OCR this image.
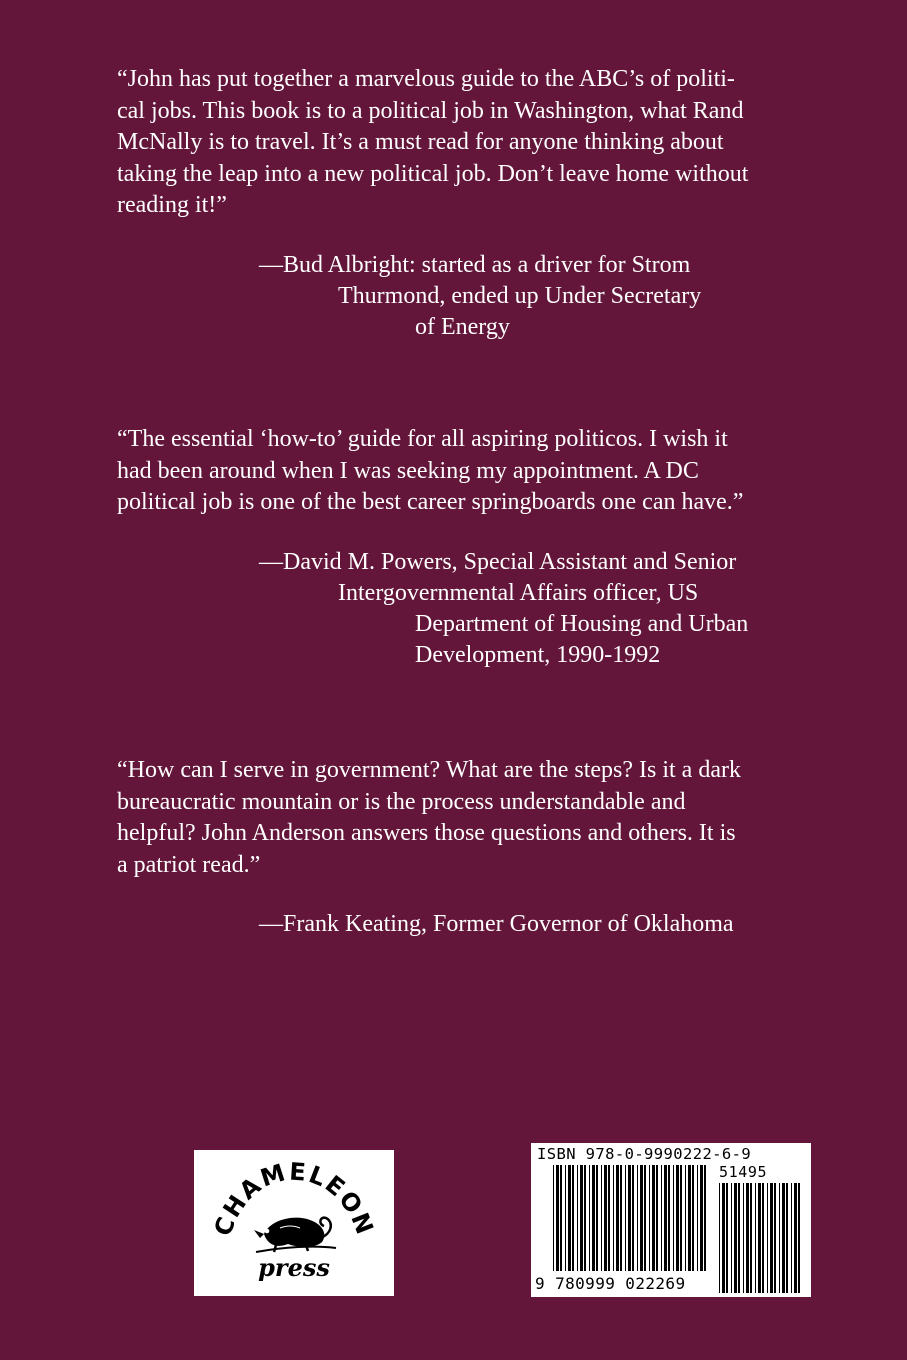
“John has put together a marvelous guide to the ABC’s of politi-
cal jobs. This book is to a political job in Washington, what Rand
McNally is to travel. It’s a must read for anyone thinking about
taking the leap into a new political job. Don’t leave home without
reading it!”
—Bud Albright: started as a driver for Strom
Thurmond, ended up Under Secretary
of Energy
“The essential ‘how-to’ guide for all aspiring politicos. I wish it
had been around when I was seeking my appointment. A DC
political job is one of the best career springboards one can have.”
—David M. Powers, Special Assistant and Senior
Intergovernmental Affairs officer, US
Department of Housing and Urban
Development, 1990-1992
“How can I serve in government? What are the steps? Is it a dark
bureaucratic mountain or is the process understandable and
helpful? John Anderson answers those questions and others. It is
a patriot read.”
—Frank Keating, Former Governor of Oklahoma
CHAMELEON
press
ISBN 978-0-9990222-6-9
51495
9 780999 022269
